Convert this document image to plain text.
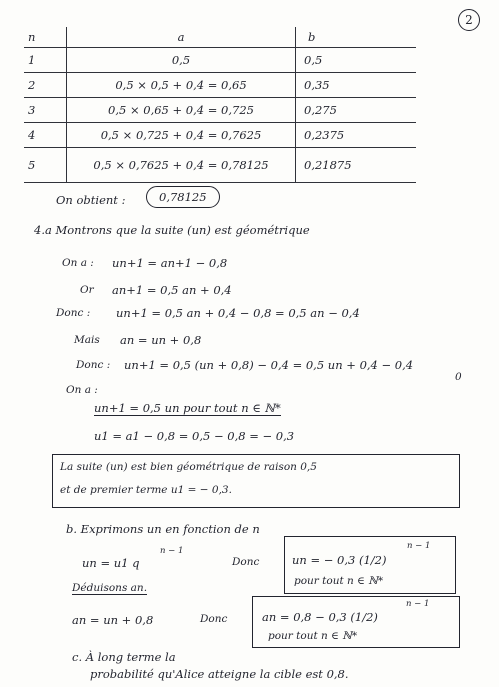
2
n	a	b
1	0,5	0,5
2	0,5 × 0,5 + 0,4 = 0,65	0,35
3	0,5 × 0,65 + 0,4 = 0,725	0,275
4	0,5 × 0,725 + 0,4 = 0,7625	0,2375
5	0,5 × 0,7625 + 0,4 = 0,78125	0,21875
On obtient :	0,78125
4.a Montrons que la suite (un) est géométrique
On a : un+1 = an+1 − 0,8
Or an+1 = 0,5 an + 0,4
Donc : un+1 = 0,5 an + 0,4 − 0,8 = 0,5 an − 0,4
Mais an = un + 0,8
Donc : un+1 = 0,5 (un + 0,8) − 0,4 = 0,5 un + 0,4 − 0,4
0
On a :
un+1 = 0,5 un pour tout n ∈ ℕ*
u1 = a1 − 0,8 = 0,5 − 0,8 = − 0,3
La suite (un) est bien géométrique de raison 0,5
et de premier terme u1 = − 0,3.
b. Exprimons un en fonction de n
un = u1 q
n − 1
Donc	un = − 0,3 (1/2)
n − 1
pour tout n ∈ ℕ*
Déduisons an.
an = un + 0,8	Donc	an = 0,8 − 0,3 (1/2)
n − 1
pour tout n ∈ ℕ*
c. À long terme la
probabilité qu'Alice atteigne la cible est 0,8.
